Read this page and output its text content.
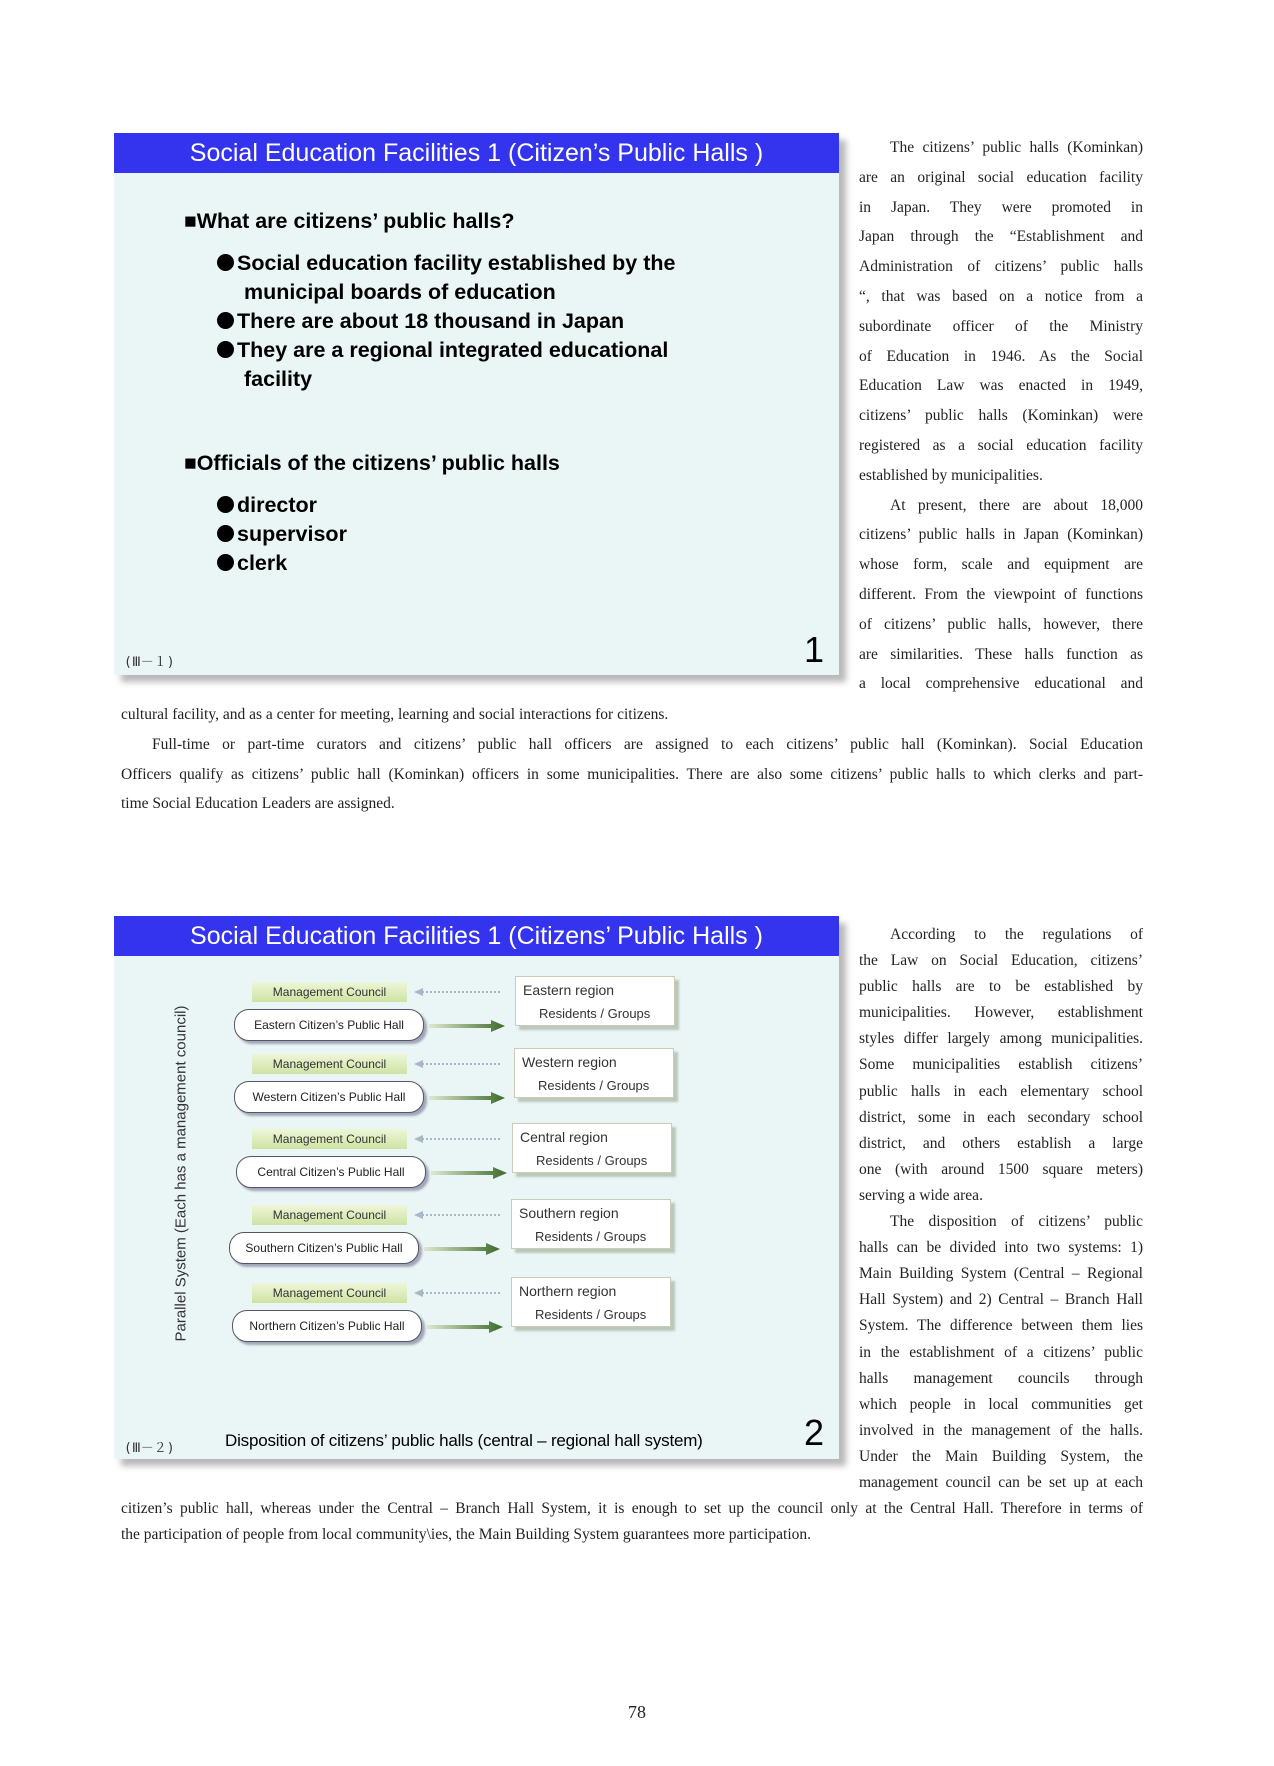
Social Education Facilities 1 (Citizen’s Public Halls )
■What are citizens’ public halls?
Social education facility established by the
municipal boards of education
There are about 18 thousand in Japan
They are a regional integrated educational
facility
■Officials of the citizens’ public halls
director
supervisor
clerk
(Ⅲ－１)	1
The citizens’ public halls (Kominkan)
are an original social education facility
in Japan. They were promoted in
Japan through the “Establishment and
Administration of citizens’ public halls
“, that was based on a notice from a
subordinate officer of the Ministry
of Education in 1946. As the Social
Education Law was enacted in 1949,
citizens’ public halls (Kominkan) were
registered as a social education facility
established by municipalities.
At present, there are about 18,000
citizens’ public halls in Japan (Kominkan)
whose form, scale and equipment are
different. From the viewpoint of functions
of citizens’ public halls, however, there
are similarities. These halls function as
a local comprehensive educational and
cultural facility, and as a center for meeting, learning and social interactions for citizens.
Full-time or part-time curators and citizens’ public hall officers are assigned to each citizens’ public hall (Kominkan). Social Education
Officers qualify as citizens’ public hall (Kominkan) officers in some municipalities. There are also some citizens’ public halls to which clerks and part-
time Social Education Leaders are assigned.
Social Education Facilities 1 (Citizens’ Public Halls )
Parallel System (Each has a management council)
Management Council
Eastern Citizen’s Public Hall
Eastern region
Residents / Groups
Management Council
Western Citizen’s Public Hall
Western region
Residents / Groups
Management Council
Central Citizen’s Public Hall
Central region
Residents / Groups
Management Council
Southern Citizen’s Public Hall
Southern region
Residents / Groups
Management Council
Northern Citizen’s Public Hall
Northern region
Residents / Groups
(Ⅲ－２)	Disposition of citizens’ public halls (central – regional hall system)	2
According to the regulations of
the Law on Social Education, citizens’
public halls are to be established by
municipalities. However, establishment
styles differ largely among municipalities.
Some municipalities establish citizens’
public halls in each elementary school
district, some in each secondary school
district, and others establish a large
one (with around 1500 square meters)
serving a wide area.
The disposition of citizens’ public
halls can be divided into two systems: 1)
Main Building System (Central – Regional
Hall System) and 2) Central – Branch Hall
System. The difference between them lies
in the establishment of a citizens’ public
halls management councils through
which people in local communities get
involved in the management of the halls.
Under the Main Building System, the
management council can be set up at each
citizen’s public hall, whereas under the Central – Branch Hall System, it is enough to set up the council only at the Central Hall. Therefore in terms of
the participation of people from local community\ies, the Main Building System guarantees more participation.
78
